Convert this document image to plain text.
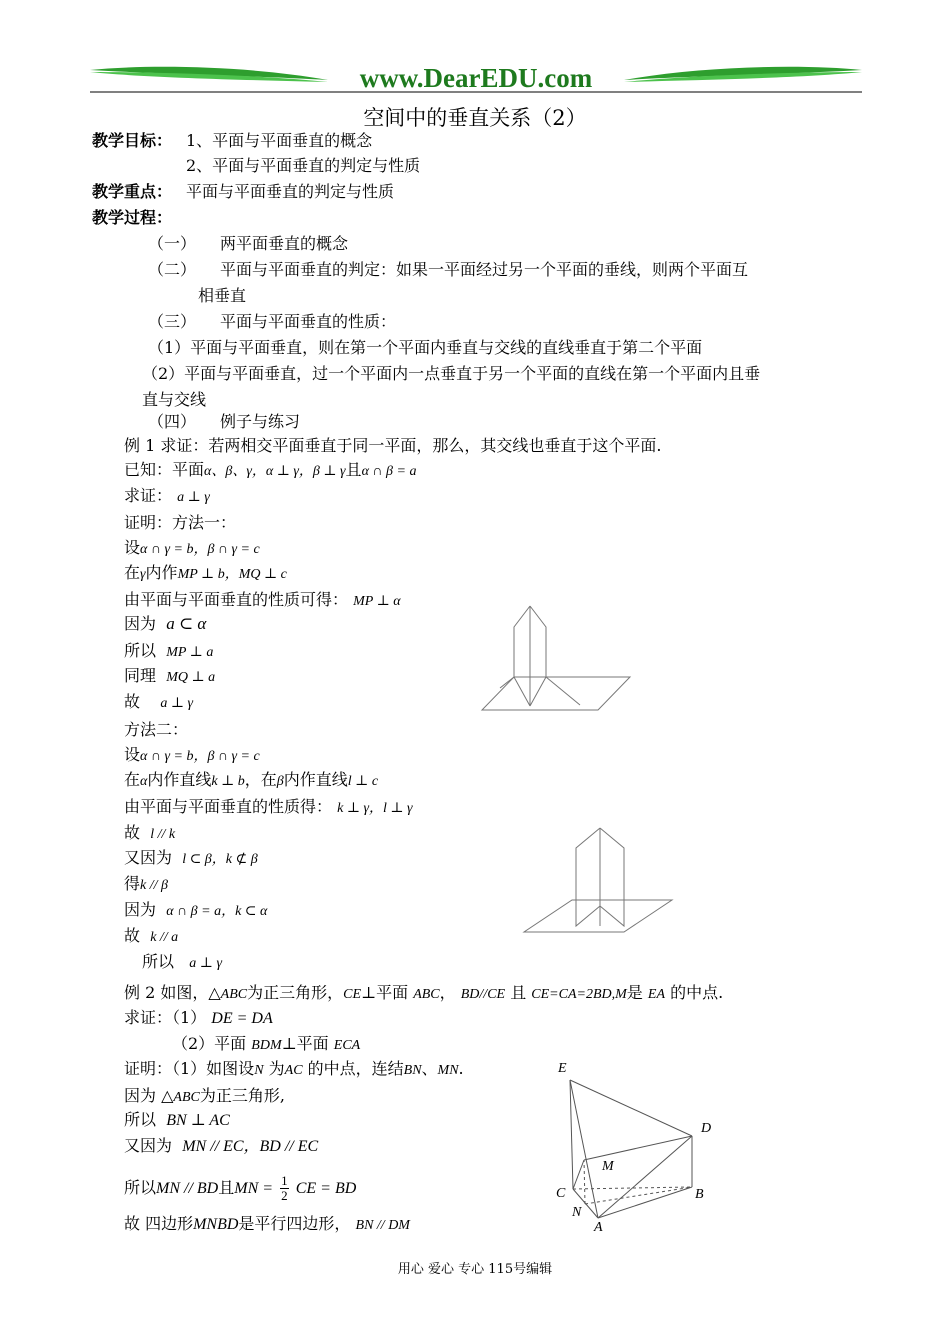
www.DearEDU.com
空间中的垂直关系（2）
教学目标： 1、平面与平面垂直的概念
2、平面与平面垂直的判定与性质
教学重点： 平面与平面垂直的判定与性质
教学过程：
（一）　　两平面垂直的概念
（二）　　平面与平面垂直的判定：如果一平面经过另一个平面的垂线，则两个平面互
相垂直
（三）　　平面与平面垂直的性质：
（1）平面与平面垂直，则在第一个平面内垂直与交线的直线垂直于第二个平面
（2）平面与平面垂直，过一个平面内一点垂直于另一个平面的直线在第一个平面内且垂
直与交线
（四）　　例子与练习
例 1 求证：若两相交平面垂直于同一平面，那么，其交线也垂直于这个平面.
已知：平面α、β、γ，α ⊥ γ，β ⊥ γ且α ∩ β = a
求证： a ⊥ γ
证明：方法一：
设α ∩ γ = b，β ∩ γ = c
在γ内作MP ⊥ b，MQ ⊥ c
由平面与平面垂直的性质可得： MP ⊥ α
因为 a ⊂ α
所以 MP ⊥ a
同理 MQ ⊥ a
故 a ⊥ γ
方法二：
设α ∩ γ = b，β ∩ γ = c
在α内作直线k ⊥ b，在β内作直线l ⊥ c
由平面与平面垂直的性质得： k ⊥ γ，l ⊥ γ
故 l // k
又因为 l ⊂ β，k ⊄ β
得k // β
因为 α ∩ β = a，k ⊂ α
故 k // a
所以 a ⊥ γ
例 2 如图，△ABC为正三角形，CE⊥平面 ABC， BD//CE 且 CE=CA=2BD,M是 EA 的中点.
求证：（1） DE = DA
（2）平面 BDM⊥平面 ECA
证明：（1）如图设N 为AC 的中点，连结BN、MN.
因为 △ABC为正三角形,
所以 BN ⊥ AC
又因为 MN // EC，BD // EC
所以MN // BD且MN = $\frac{1}{2}$ CE = BD
故 四边形MNBD是平行四边形， BN // DM
E
D
M
C	B
N
A
用心 爱心 专心 115号编辑
